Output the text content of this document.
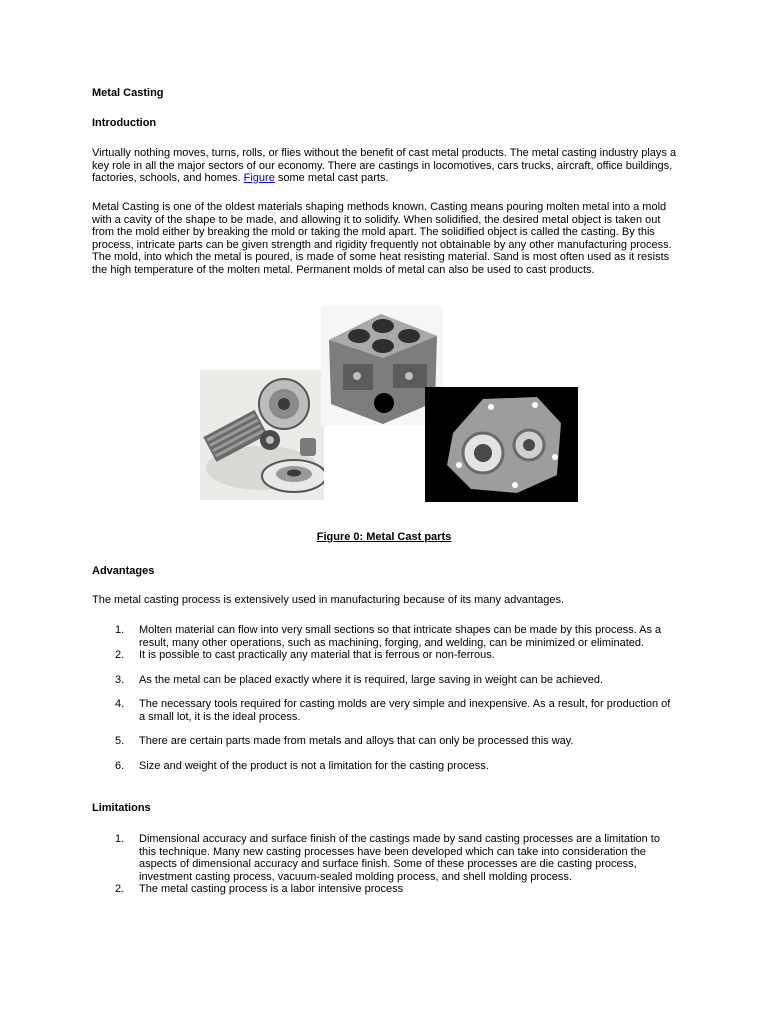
Metal Casting
Introduction

Virtually nothing moves, turns, rolls, or flies without the benefit of cast metal products. The metal casting industry plays a key role in all the major sectors of our economy. There are castings in locomotives, cars trucks, aircraft, office buildings, factories, schools, and homes. Figure some metal cast parts.

Metal Casting is one of the oldest materials shaping methods known. Casting means pouring molten metal into a mold with a cavity of the shape to be made, and allowing it to solidify. When solidified, the desired metal object is taken out from the mold either by breaking the mold or taking the mold apart. The solidified object is called the casting. By this process, intricate parts can be given strength and rigidity frequently not obtainable by any other manufacturing process. The mold, into which the metal is poured, is made of some heat resisting material. Sand is most often used as it resists the high temperature of the molten metal. Permanent molds of metal can also be used to cast products.

Figure 0: Metal Cast parts
Advantages

The metal casting process is extensively used in manufacturing because of its many advantages.

1. Molten material can flow into very small sections so that intricate shapes can be made by this process. As a result, many other operations, such as machining, forging, and welding, can be minimized or eliminated.
2. It is possible to cast practically any material that is ferrous or non-ferrous.
3. As the metal can be placed exactly where it is required, large saving in weight can be achieved.
4. The necessary tools required for casting molds are very simple and inexpensive. As a result, for production of a small lot, it is the ideal process.
5. There are certain parts made from metals and alloys that can only be processed this way.
6. Size and weight of the product is not a limitation for the casting process.
Limitations
1. Dimensional accuracy and surface finish of the castings made by sand casting processes are a limitation to this technique. Many new casting processes have been developed which can take into consideration the aspects of dimensional accuracy and surface finish. Some of these processes are die casting process, investment casting process, vacuum-sealed molding process, and shell molding process.
2. The metal casting process is a labor intensive process
